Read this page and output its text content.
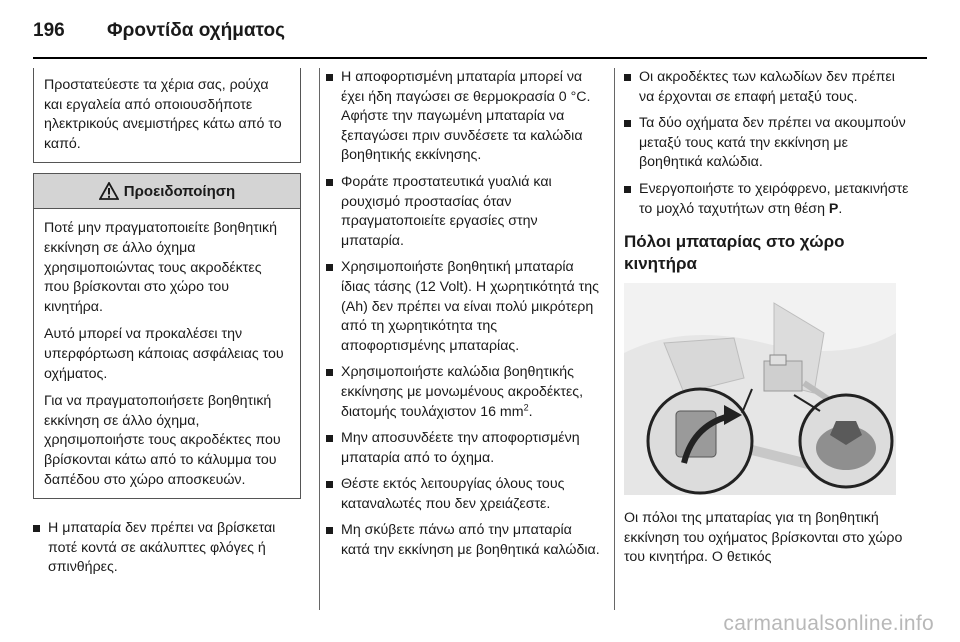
196 Φροντίδα οχήματος

Προστατεύεστε τα χέρια σας, ρούχα και εργαλεία από οποιουσδήποτε ηλεκτρικούς ανεμιστήρες κάτω από το καπό.

Προειδοποίηση

Ποτέ μην πραγματοποιείτε βοηθητική εκκίνηση σε άλλο όχημα χρησιμοποιώντας τους ακροδέκτες που βρίσκονται στο χώρο του κινητήρα.

Αυτό μπορεί να προκαλέσει την υπερφόρτωση κάποιας ασφάλειας του οχήματος.

Για να πραγματοποιήσετε βοηθητική εκκίνηση σε άλλο όχημα, χρησιμοποιήστε τους ακροδέκτες που βρίσκονται κάτω από το κάλυμμα του δαπέδου στο χώρο αποσκευών.

Η μπαταρία δεν πρέπει να βρίσκεται ποτέ κοντά σε ακάλυπτες φλόγες ή σπινθήρες.
Η αποφορτισμένη μπαταρία μπορεί να έχει ήδη παγώσει σε θερμοκρασία 0 °C. Αφήστε την παγωμένη μπαταρία να ξεπαγώσει πριν συνδέσετε τα καλώδια βοηθητικής εκκίνησης.
Φοράτε προστατευτικά γυαλιά και ρουχισμό προστασίας όταν πραγματοποιείτε εργασίες στην μπαταρία.
Χρησιμοποιήστε βοηθητική μπαταρία ίδιας τάσης (12 Volt). Η χωρητικότητά της (Ah) δεν πρέπει να είναι πολύ μικρότερη από τη χωρητικότητα της αποφορτισμένης μπαταρίας.
Χρησιμοποιήστε καλώδια βοηθητικής εκκίνησης με μονωμένους ακροδέκτες, διατομής τουλάχιστον 16 $mm^2$.
Μην αποσυνδέετε την αποφορτισμένη μπαταρία από το όχημα.
Θέστε εκτός λειτουργίας όλους τους καταναλωτές που δεν χρειάζεστε.
Μη σκύβετε πάνω από την μπαταρία κατά την εκκίνηση με βοηθητικά καλώδια.
Οι ακροδέκτες των καλωδίων δεν πρέπει να έρχονται σε επαφή μεταξύ τους.
Τα δύο οχήματα δεν πρέπει να ακουμπούν μεταξύ τους κατά την εκκίνηση με βοηθητικά καλώδια.
Ενεργοποιήστε το χειρόφρενο, μετακινήστε το μοχλό ταχυτήτων στη θέση P.
Πόλοι μπαταρίας στο χώρο κινητήρα
Οι πόλοι της μπαταρίας για τη βοηθητική εκκίνηση του οχήματος βρίσκονται στο χώρο του κινητήρα. Ο θετικός
carmanualsonline.info
